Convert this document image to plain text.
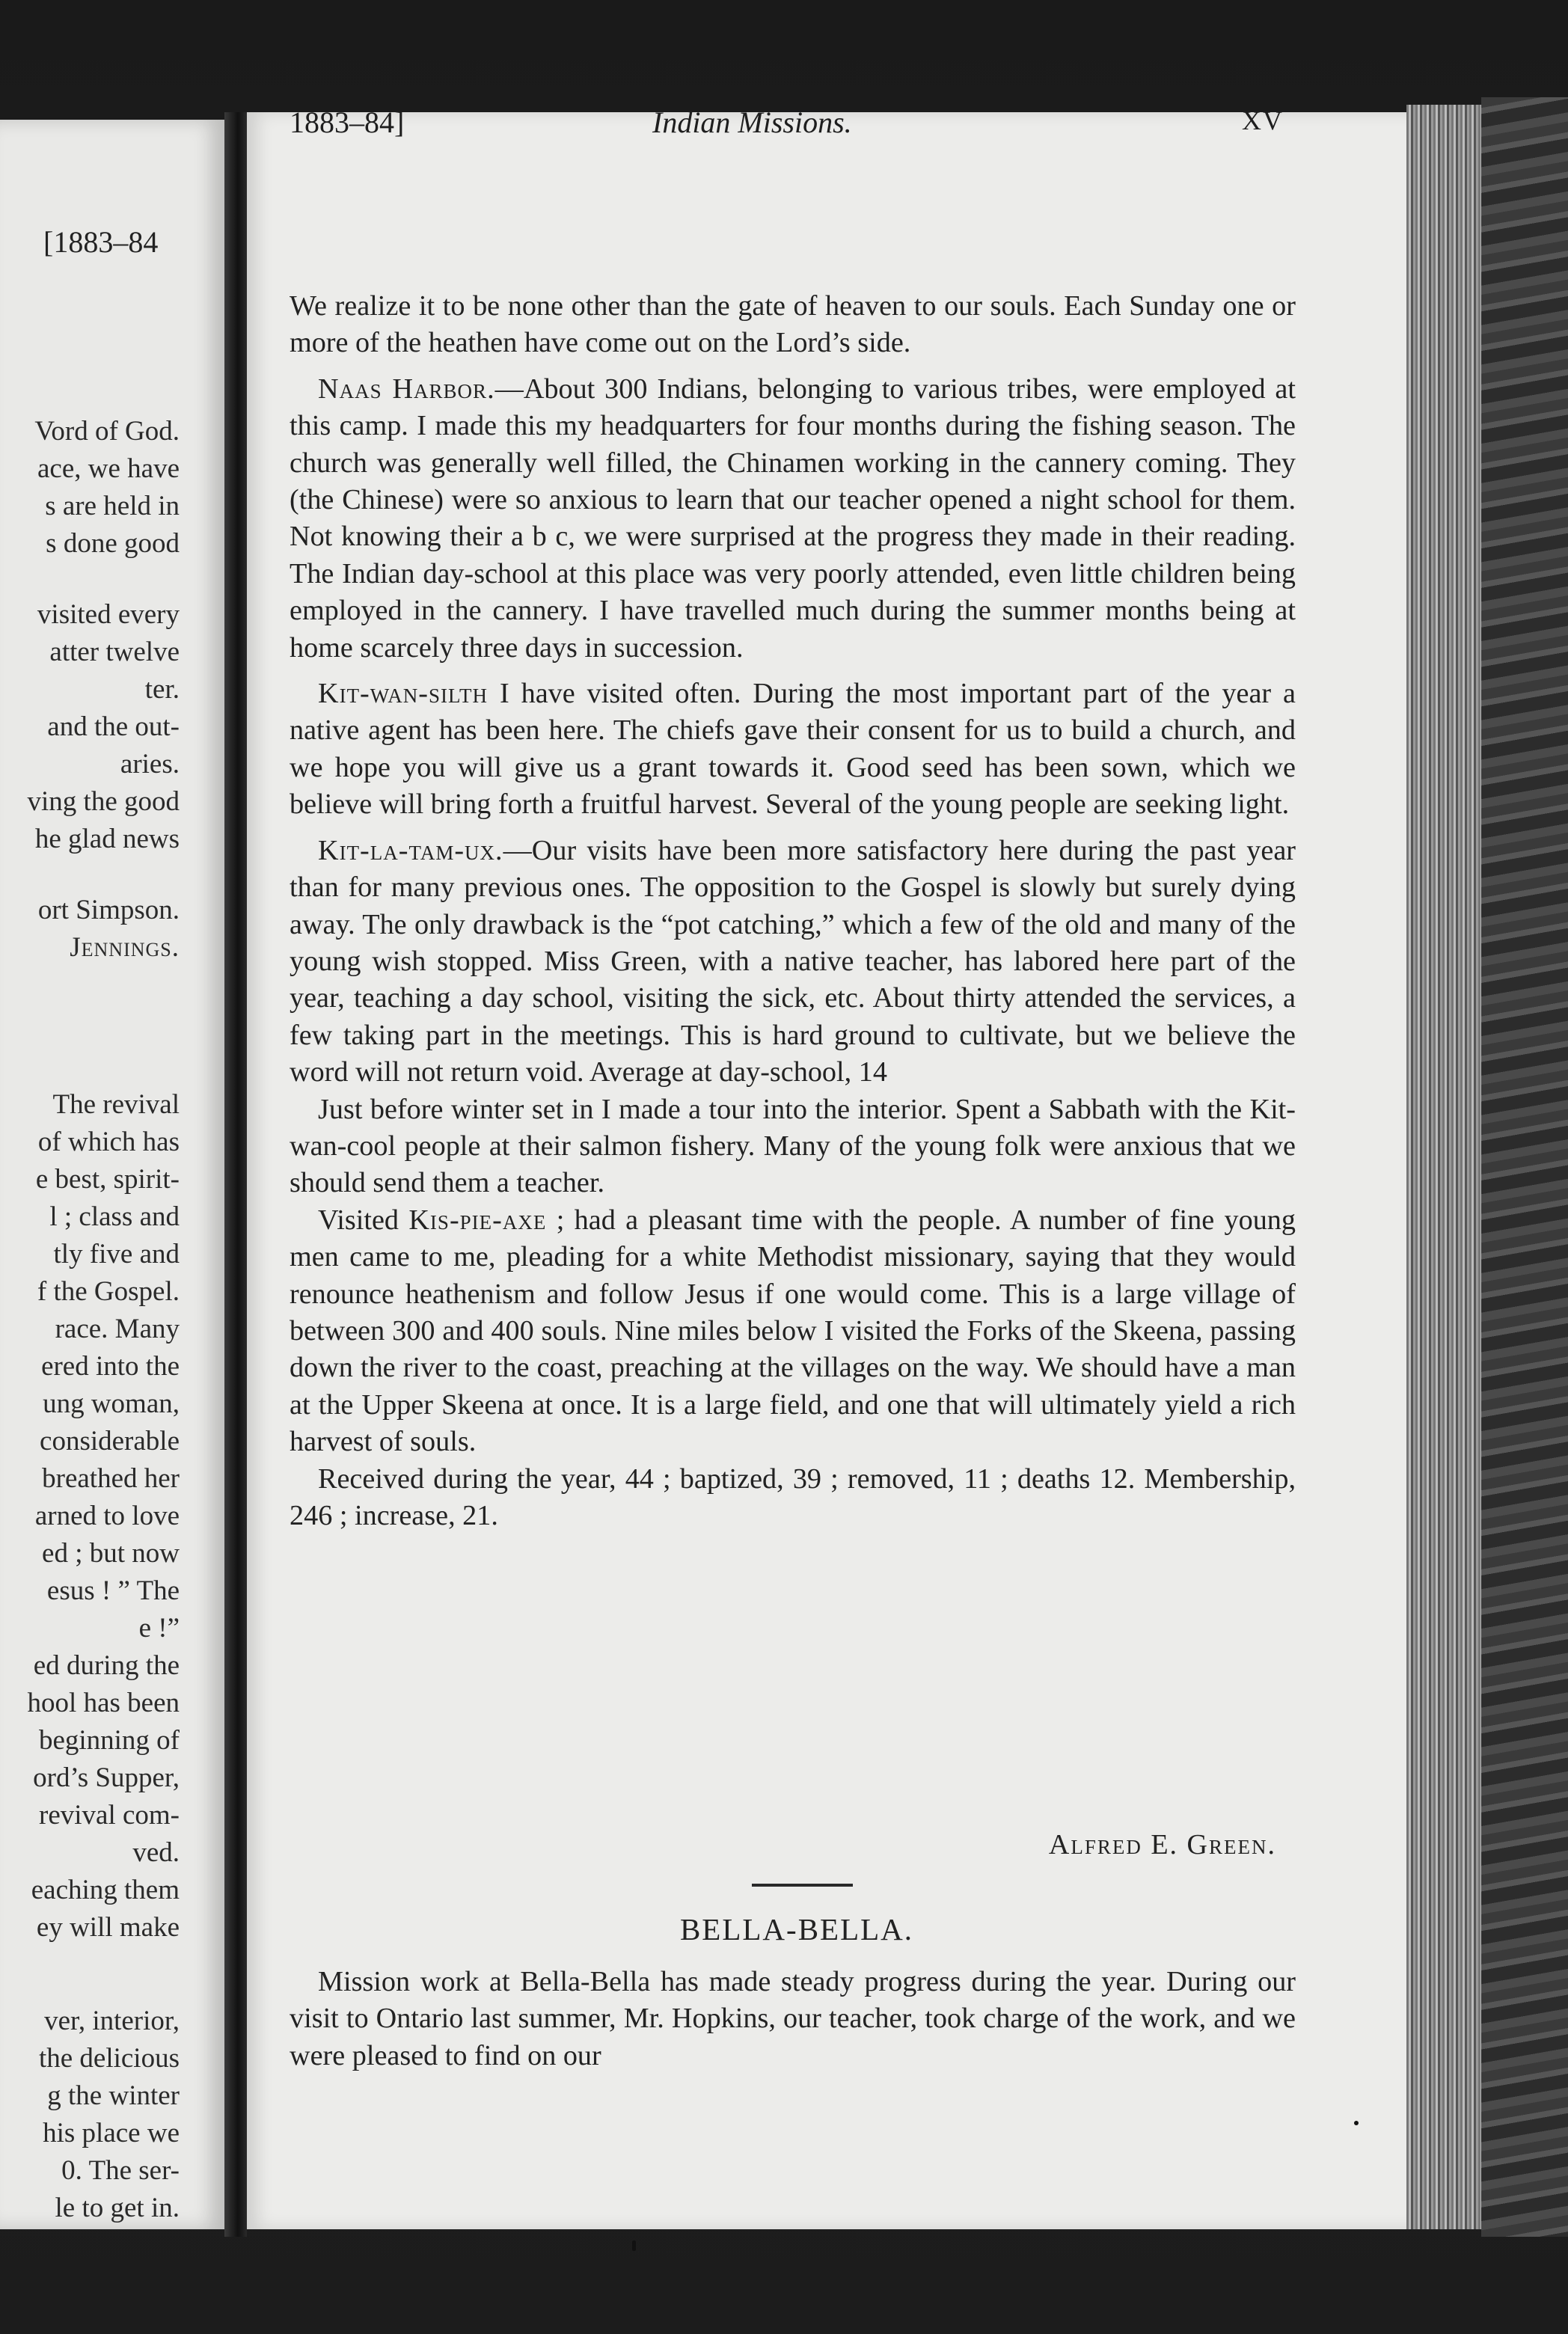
[1883–84
Vord of God.
ace, we have
s are held in
s done good
visited every
atter twelve
ter.
and the out-
aries.
ving the good
he glad news
ort Simpson.
Jennings.
The revival
of which has
e best, spirit-
l ; class and
tly five and
f the Gospel.
race. Many
ered into the
ung woman,
considerable
breathed her
arned to love
ed ; but now
esus ! ” The
e !”
ed during the
hool has been
beginning of
ord’s Supper,
revival com-
ved.
eaching them
ey will make
ver, interior,
the delicious
g the winter
his place we
0. The ser-
le to get in.
1883–84]	Indian Missions.	XV

We realize it to be none other than the gate of heaven to our souls. Each Sunday one or more of the heathen have come out on the Lord’s side.

Naas Harbor.—About 300 Indians, belonging to various tribes, were employed at this camp. I made this my headquarters for four months during the fishing season. The church was generally well filled, the Chinamen working in the cannery coming. They (the Chinese) were so anxious to learn that our teacher opened a night school for them. Not knowing their a b c, we were surprised at the progress they made in their reading. The Indian day-school at this place was very poorly attended, even little children being employed in the cannery. I have travelled much during the summer months being at home scarcely three days in succession.

Kit-wan-silth I have visited often. During the most important part of the year a native agent has been here. The chiefs gave their consent for us to build a church, and we hope you will give us a grant towards it. Good seed has been sown, which we believe will bring forth a fruitful harvest. Several of the young people are seeking light.

Kit-la-tam-ux.—Our visits have been more satisfactory here during the past year than for many previous ones. The opposition to the Gospel is slowly but surely dying away. The only drawback is the “pot catching,” which a few of the old and many of the young wish stopped. Miss Green, with a native teacher, has labored here part of the year, teaching a day school, visiting the sick, etc. About thirty attended the services, a few taking part in the meetings. This is hard ground to cultivate, but we believe the word will not return void. Average at day-school, 14

Just before winter set in I made a tour into the interior. Spent a Sabbath with the Kit-wan-cool people at their salmon fishery. Many of the young folk were anxious that we should send them a teacher.

Visited Kis-pie-axe ; had a pleasant time with the people. A number of fine young men came to me, pleading for a white Methodist missionary, saying that they would renounce heathenism and follow Jesus if one would come. This is a large village of between 300 and 400 souls. Nine miles below I visited the Forks of the Skeena, passing down the river to the coast, preaching at the villages on the way. We should have a man at the Upper Skeena at once. It is a large field, and one that will ultimately yield a rich harvest of souls.

Received during the year, 44 ; baptized, 39 ; removed, 11 ; deaths 12. Membership, 246 ; increase, 21.

Alfred E. Green.
BELLA-BELLA.

Mission work at Bella-Bella has made steady progress during the year. During our visit to Ontario last summer, Mr. Hopkins, our teacher, took charge of the work, and we were pleased to find on our
